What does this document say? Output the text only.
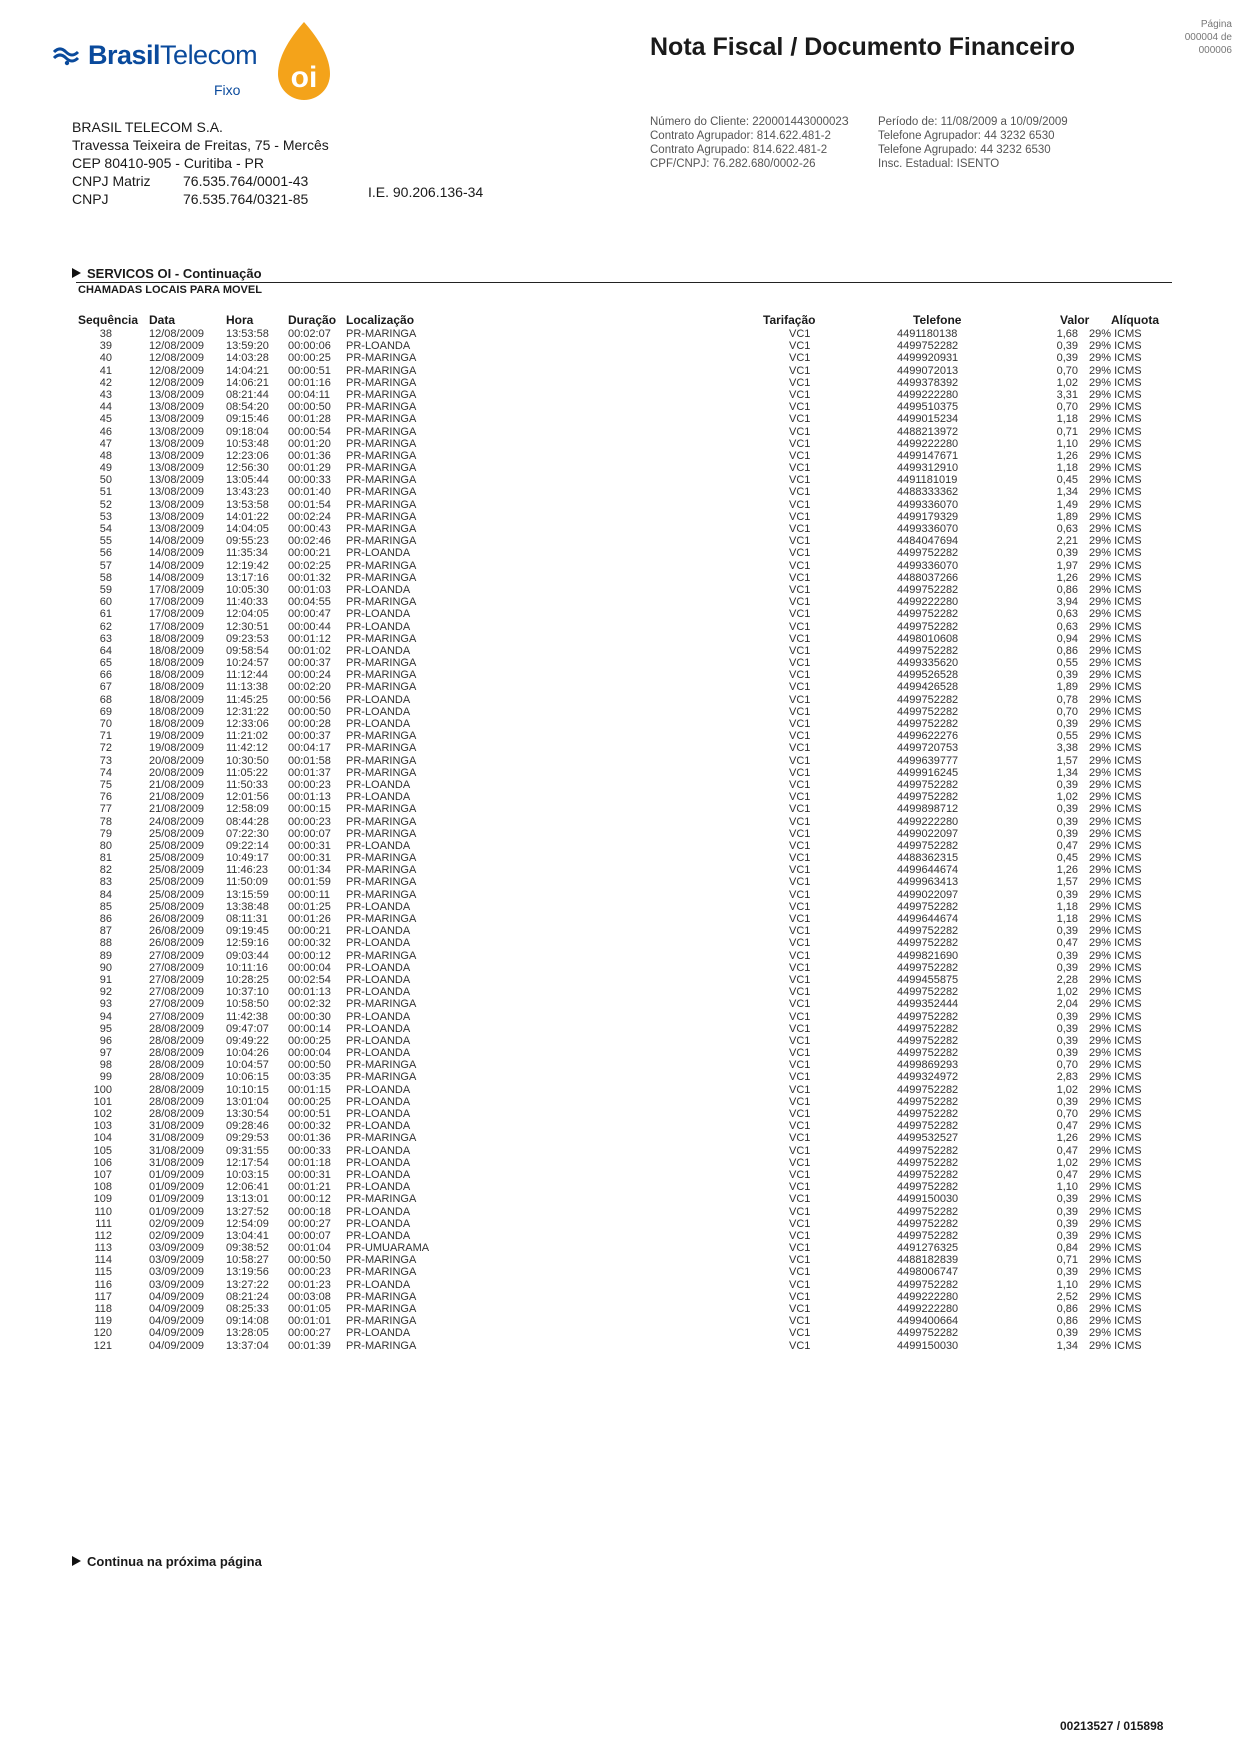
BrasilTelecom
Fixo oi
Nota Fiscal / Documento Financeiro
Página
000004 de
000006
BRASIL TELECOM S.A.
Travessa Teixeira de Freitas, 75 - Mercês
CEP 80410-905 - Curitiba - PR
CNPJ Matriz 76.535.764/0001-43
CNPJ	76.535.764/0321-85	I.E. 90.206.136-34
Número do Cliente: 22000144300002З
Contrato Agrupador: 814.622.481-2
Contrato Agrupado: 814.622.481-2
CPF/CNPJ: 76.282.680/0002-26
Período de: 11/08/2009 a 10/09/2009
Telefone Agrupador: 44 3232 6530
Telefone Agrupado: 44 3232 6530
Insc. Estadual: ISENTO
SERVICOS OI - Continuação
CHAMADAS LOCAIS PARA MOVEL
Sequência Data	Hora	Duração Localização	Tarifação	Telefone	Valor Alíquota
38	12/08/2009 13:53:58 00:02:07 PR-MARINGA	VC1	4491180138	1,68 29% ICMS
39	12/08/2009 13:59:20 00:00:06 PR-LOANDA	VC1	4499752282	0,39 29% ICMS
40	12/08/2009 14:03:28 00:00:25 PR-MARINGA	VC1	4499920931	0,39 29% ICMS
41	12/08/2009 14:04:21 00:00:51 PR-MARINGA	VC1	4499072013	0,70 29% ICMS
42	12/08/2009 14:06:21 00:01:16 PR-MARINGA	VC1	4499378392	1,02 29% ICMS
43	13/08/2009 08:21:44 00:04:11 PR-MARINGA	VC1	4499222280	3,31 29% ICMS
44	13/08/2009 08:54:20 00:00:50 PR-MARINGA	VC1	4499510375	0,70 29% ICMS
45	13/08/2009 09:15:46 00:01:28 PR-MARINGA	VC1	4499015234	1,18 29% ICMS
46	13/08/2009 09:18:04 00:00:54 PR-MARINGA	VC1	4488213972	0,71 29% ICMS
47	13/08/2009 10:53:48 00:01:20 PR-MARINGA	VC1	4499222280	1,10 29% ICMS
48	13/08/2009 12:23:06 00:01:36 PR-MARINGA	VC1	4499147671	1,26 29% ICMS
49	13/08/2009 12:56:30 00:01:29 PR-MARINGA	VC1	4499312910	1,18 29% ICMS
50	13/08/2009 13:05:44 00:00:33 PR-MARINGA	VC1	4491181019	0,45 29% ICMS
51	13/08/2009 13:43:23 00:01:40 PR-MARINGA	VC1	4488333362	1,34 29% ICMS
52	13/08/2009 13:53:58 00:01:54 PR-MARINGA	VC1	4499336070	1,49 29% ICMS
53	13/08/2009 14:01:22 00:02:24 PR-MARINGA	VC1	4499179329	1,89 29% ICMS
54	13/08/2009 14:04:05 00:00:43 PR-MARINGA	VC1	4499336070	0,63 29% ICMS
55	14/08/2009 09:55:23 00:02:46 PR-MARINGA	VC1	4484047694	2,21 29% ICMS
56	14/08/2009 11:35:34 00:00:21 PR-LOANDA	VC1	4499752282	0,39 29% ICMS
57	14/08/2009 12:19:42 00:02:25 PR-MARINGA	VC1	4499336070	1,97 29% ICMS
58	14/08/2009 13:17:16 00:01:32 PR-MARINGA	VC1	4488037266	1,26 29% ICMS
59	17/08/2009 10:05:30 00:01:03 PR-LOANDA	VC1	4499752282	0,86 29% ICMS
60	17/08/2009 11:40:33 00:04:55 PR-MARINGA	VC1	4499222280	3,94 29% ICMS
61	17/08/2009 12:04:05 00:00:47 PR-LOANDA	VC1	4499752282	0,63 29% ICMS
62	17/08/2009 12:30:51 00:00:44 PR-LOANDA	VC1	4499752282	0,63 29% ICMS
63	18/08/2009 09:23:53 00:01:12 PR-MARINGA	VC1	4498010608	0,94 29% ICMS
64	18/08/2009 09:58:54 00:01:02 PR-LOANDA	VC1	4499752282	0,86 29% ICMS
65	18/08/2009 10:24:57 00:00:37 PR-MARINGA	VC1	4499335620	0,55 29% ICMS
66	18/08/2009 11:12:44 00:00:24 PR-MARINGA	VC1	4499526528	0,39 29% ICMS
67	18/08/2009 11:13:38 00:02:20 PR-MARINGA	VC1	4499426528	1,89 29% ICMS
68	18/08/2009 11:45:25 00:00:56 PR-LOANDA	VC1	4499752282	0,78 29% ICMS
69	18/08/2009 12:31:22 00:00:50 PR-LOANDA	VC1	4499752282	0,70 29% ICMS
70	18/08/2009 12:33:06 00:00:28 PR-LOANDA	VC1	4499752282	0,39 29% ICMS
71	19/08/2009 11:21:02 00:00:37 PR-MARINGA	VC1	4499622276	0,55 29% ICMS
72	19/08/2009 11:42:12 00:04:17 PR-MARINGA	VC1	4499720753	3,38 29% ICMS
73	20/08/2009 10:30:50 00:01:58 PR-MARINGA	VC1	4499639777	1,57 29% ICMS
74	20/08/2009 11:05:22 00:01:37 PR-MARINGA	VC1	4499916245	1,34 29% ICMS
75	21/08/2009 11:50:33 00:00:23 PR-LOANDA	VC1	4499752282	0,39 29% ICMS
76	21/08/2009 12:01:56 00:01:13 PR-LOANDA	VC1	4499752282	1,02 29% ICMS
77	21/08/2009 12:58:09 00:00:15 PR-MARINGA	VC1	4499898712	0,39 29% ICMS
78	24/08/2009 08:44:28 00:00:23 PR-MARINGA	VC1	4499222280	0,39 29% ICMS
79	25/08/2009 07:22:30 00:00:07 PR-MARINGA	VC1	4499022097	0,39 29% ICMS
80	25/08/2009 09:22:14 00:00:31 PR-LOANDA	VC1	4499752282	0,47 29% ICMS
81	25/08/2009 10:49:17 00:00:31 PR-MARINGA	VC1	4488362315	0,45 29% ICMS
82	25/08/2009 11:46:23 00:01:34 PR-MARINGA	VC1	4499644674	1,26 29% ICMS
83	25/08/2009 11:50:09 00:01:59 PR-MARINGA	VC1	4499963413	1,57 29% ICMS
84	25/08/2009 13:15:59 00:00:11 PR-MARINGA	VC1	4499022097	0,39 29% ICMS
85	25/08/2009 13:38:48 00:01:25 PR-LOANDA	VC1	4499752282	1,18 29% ICMS
86	26/08/2009 08:11:31 00:01:26 PR-MARINGA	VC1	4499644674	1,18 29% ICMS
87	26/08/2009 09:19:45 00:00:21 PR-LOANDA	VC1	4499752282	0,39 29% ICMS
88	26/08/2009 12:59:16 00:00:32 PR-LOANDA	VC1	4499752282	0,47 29% ICMS
89	27/08/2009 09:03:44 00:00:12 PR-MARINGA	VC1	4499821690	0,39 29% ICMS
90	27/08/2009 10:11:16 00:00:04 PR-LOANDA	VC1	4499752282	0,39 29% ICMS
91	27/08/2009 10:28:25 00:02:54 PR-LOANDA	VC1	4499455875	2,28 29% ICMS
92	27/08/2009 10:37:10 00:01:13 PR-LOANDA	VC1	4499752282	1,02 29% ICMS
93	27/08/2009 10:58:50 00:02:32 PR-MARINGA	VC1	4499352444	2,04 29% ICMS
94	27/08/2009 11:42:38 00:00:30 PR-LOANDA	VC1	4499752282	0,39 29% ICMS
95	28/08/2009 09:47:07 00:00:14 PR-LOANDA	VC1	4499752282	0,39 29% ICMS
96	28/08/2009 09:49:22 00:00:25 PR-LOANDA	VC1	4499752282	0,39 29% ICMS
97	28/08/2009 10:04:26 00:00:04 PR-LOANDA	VC1	4499752282	0,39 29% ICMS
98	28/08/2009 10:04:57 00:00:50 PR-MARINGA	VC1	4499869293	0,70 29% ICMS
99	28/08/2009 10:06:15 00:03:35 PR-MARINGA	VC1	4499324972	2,83 29% ICMS
100	28/08/2009 10:10:15 00:01:15 PR-LOANDA	VC1	4499752282	1,02 29% ICMS
101	28/08/2009 13:01:04 00:00:25 PR-LOANDA	VC1	4499752282	0,39 29% ICMS
102	28/08/2009 13:30:54 00:00:51 PR-LOANDA	VC1	4499752282	0,70 29% ICMS
103	31/08/2009 09:28:46 00:00:32 PR-LOANDA	VC1	4499752282	0,47 29% ICMS
104	31/08/2009 09:29:53 00:01:36 PR-MARINGA	VC1	4499532527	1,26 29% ICMS
105	31/08/2009 09:31:55 00:00:33 PR-LOANDA	VC1	4499752282	0,47 29% ICMS
106	31/08/2009 12:17:54 00:01:18 PR-LOANDA	VC1	4499752282	1,02 29% ICMS
107	01/09/2009 10:03:15 00:00:31 PR-LOANDA	VC1	4499752282	0,47 29% ICMS
108	01/09/2009 12:06:41 00:01:21 PR-LOANDA	VC1	4499752282	1,10 29% ICMS
109	01/09/2009 13:13:01 00:00:12 PR-MARINGA	VC1	4499150030	0,39 29% ICMS
110	01/09/2009 13:27:52 00:00:18 PR-LOANDA	VC1	4499752282	0,39 29% ICMS
111	02/09/2009 12:54:09 00:00:27 PR-LOANDA	VC1	4499752282	0,39 29% ICMS
112	02/09/2009 13:04:41 00:00:07 PR-LOANDA	VC1	4499752282	0,39 29% ICMS
113	03/09/2009 09:38:52 00:01:04 PR-UMUARAMA	VC1	4491276325	0,84 29% ICMS
114	03/09/2009 10:58:27 00:00:50 PR-MARINGA	VC1	4488182839	0,71 29% ICMS
115	03/09/2009 13:19:56 00:00:23 PR-MARINGA	VC1	4498006747	0,39 29% ICMS
116	03/09/2009 13:27:22 00:01:23 PR-LOANDA	VC1	4499752282	1,10 29% ICMS
117	04/09/2009 08:21:24 00:03:08 PR-MARINGA	VC1	4499222280	2,52 29% ICMS
118	04/09/2009 08:25:33 00:01:05 PR-MARINGA	VC1	4499222280	0,86 29% ICMS
119	04/09/2009 09:14:08 00:01:01 PR-MARINGA	VC1	4499400664	0,86 29% ICMS
120	04/09/2009 13:28:05 00:00:27 PR-LOANDA	VC1	4499752282	0,39 29% ICMS
121	04/09/2009 13:37:04 00:01:39 PR-MARINGA	VC1	4499150030	1,34 29% ICMS
Continua na próxima página
00213527 / 015898
